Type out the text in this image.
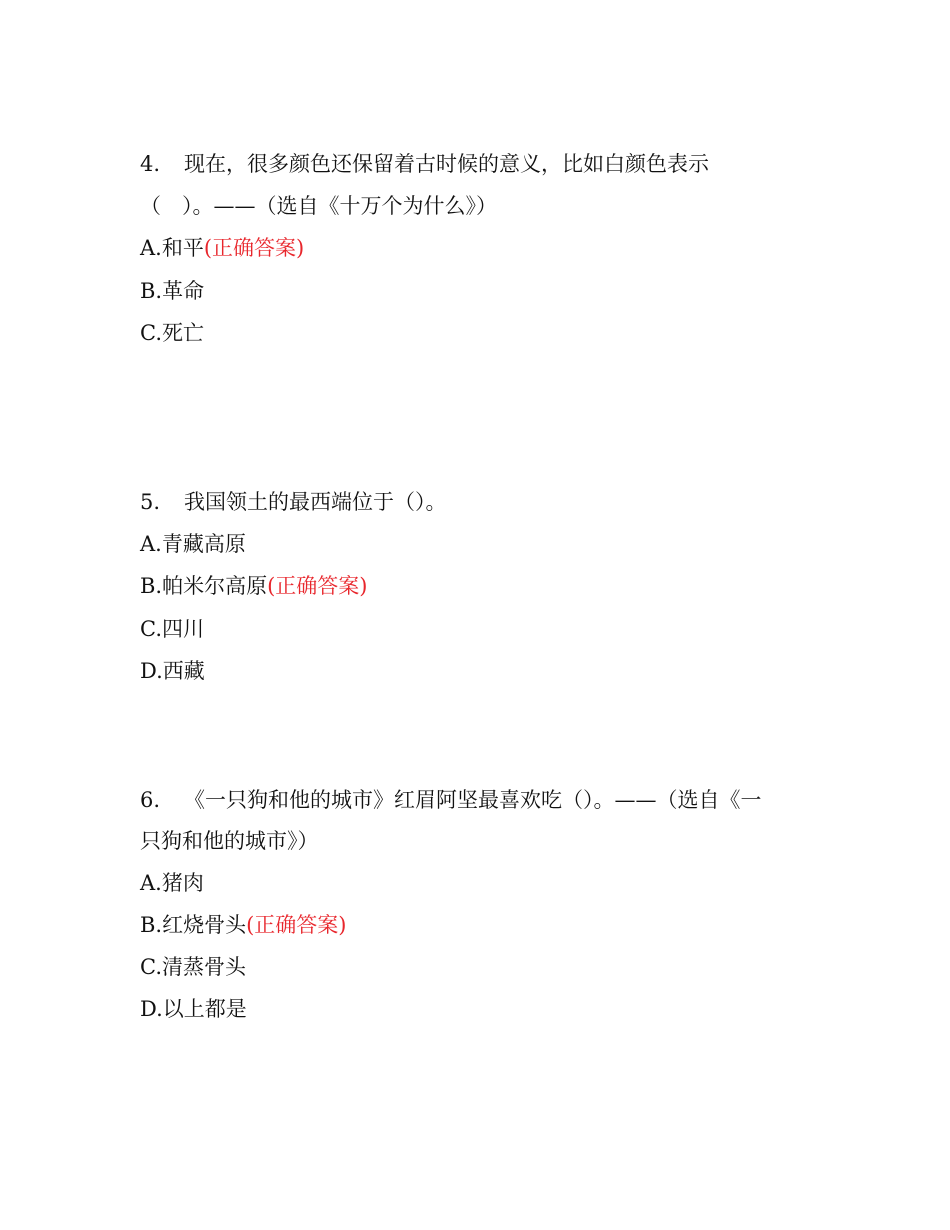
4. 现在，很多颜色还保留着古时候的意义，比如白颜色表示
（　）。——（选自《十万个为什么》）
A.和平(正确答案)
B.革命
C.死亡
5. 我国领土的最西端位于（）。
A.青藏高原
B.帕米尔高原(正确答案)
C.四川
D.西藏
6. 《一只狗和他的城市》红眉阿坚最喜欢吃（）。——（选自《一
只狗和他的城市》）
A.猪肉
B.红烧骨头(正确答案)
C.清蒸骨头
D.以上都是
